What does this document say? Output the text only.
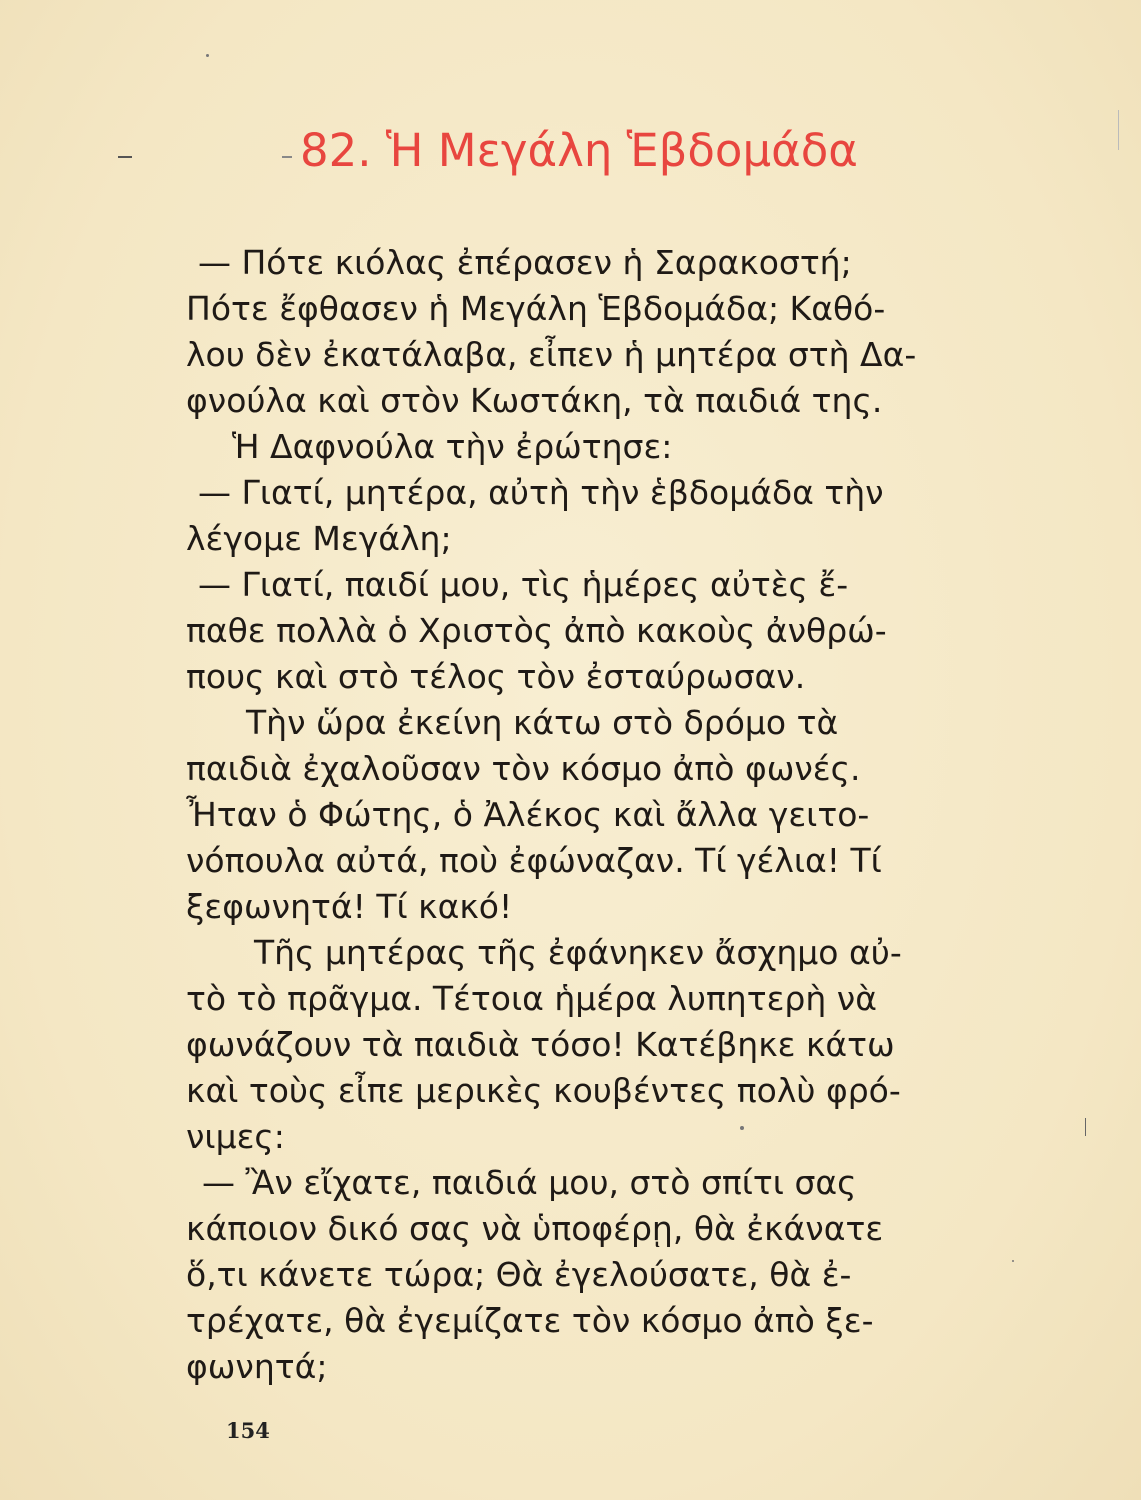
82. Ἡ Μεγάλη Ἑβδομάδα
— Πότε κιόλας ἐπέρασεν ἡ Σαρακοστή;
Πότε ἔφθασεν ἡ Μεγάλη Ἑβδομάδα; Καθό-
λου δὲν ἐκατάλαβα, εἶπεν ἡ μητέρα στὴ Δα-
φνούλα καὶ στὸν Κωστάκη, τὰ παιδιά της.
Ἡ Δαφνούλα τὴν ἐρώτησε:
— Γιατί, μητέρα, αὐτὴ τὴν ἑβδομάδα τὴν
λέγομε Μεγάλη;
— Γιατί, παιδί μου, τὶς ἡμέρες αὐτὲς ἔ-
παθε πολλὰ ὁ Χριστὸς ἀπὸ κακοὺς ἀνθρώ-
πους καὶ στὸ τέλος τὸν ἐσταύρωσαν.
Τὴν ὥρα ἐκείνη κάτω στὸ δρόμο τὰ
παιδιὰ ἐχαλοῦσαν τὸν κόσμο ἀπὸ φωνές.
Ἦταν ὁ Φώτης, ὁ Ἀλέκος καὶ ἄλλα γειτο-
νόπουλα αὐτά, ποὺ ἐφώναζαν. Τί γέλια! Τί
ξεφωνητά! Τί κακό!
Τῆς μητέρας τῆς ἐφάνηκεν ἄσχημο αὐ-
τὸ τὸ πρᾶγμα. Τέτοια ἡμέρα λυπητερὴ νὰ
φωνάζουν τὰ παιδιὰ τόσο! Κατέβηκε κάτω
καὶ τοὺς εἶπε μερικὲς κουβέντες πολὺ φρό-
νιμες:
— Ἂν εἴχατε, παιδιά μου, στὸ σπίτι σας
κάποιον δικό σας νὰ ὑποφέρῃ, θὰ ἐκάνατε
ὅ,τι κάνετε τώρα; Θὰ ἐγελούσατε, θὰ ἐ-
τρέχατε, θὰ ἐγεμίζατε τὸν κόσμο ἀπὸ ξε-
φωνητά;
154
